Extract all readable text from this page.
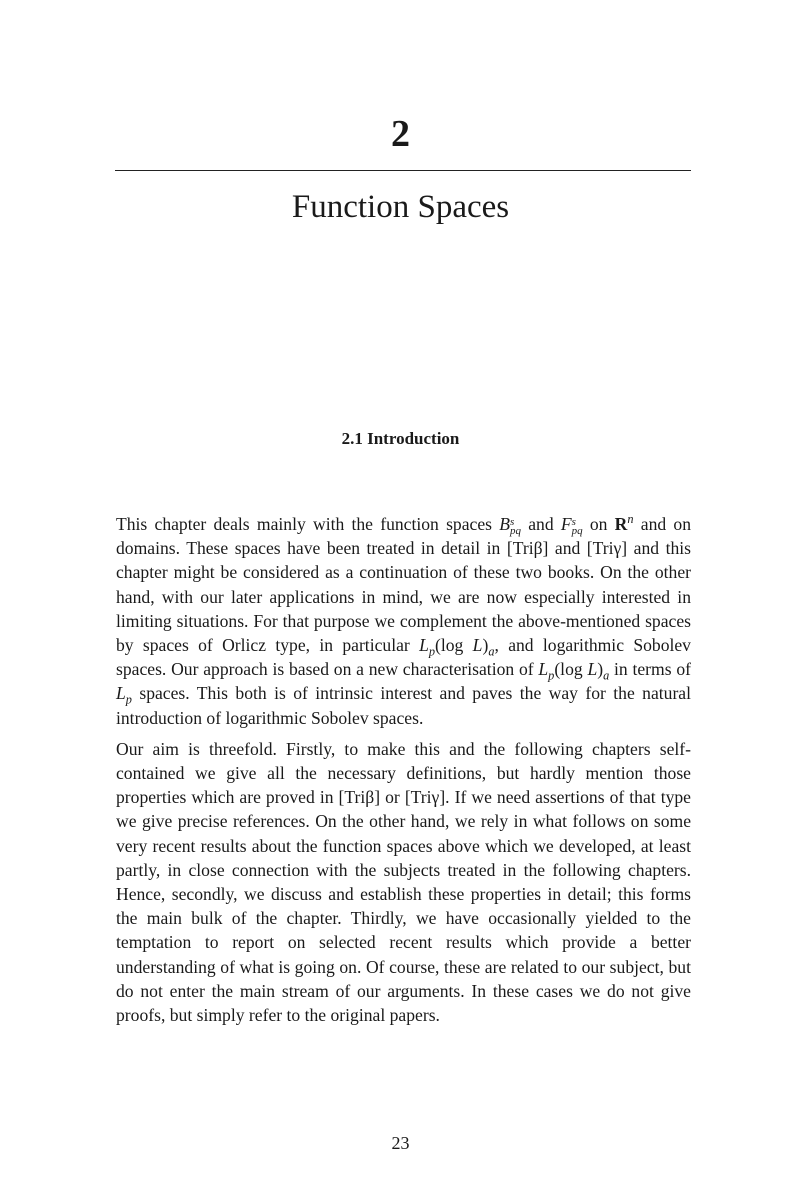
2
Function Spaces
2.1 Introduction

This chapter deals mainly with the function spaces B s
pq and F s
pq on $R^n$ and on domains. These spaces have been treated in detail in [Triβ] and [Triγ] and this chapter might be considered as a continuation of these two books. On the other hand, with our later applications in mind, we are now especially interested in limiting situations. For that purpose we complement the above-mentioned spaces by spaces of Orlicz type, in particular $L_p(\log$ $L)_a$, and logarithmic Sobolev spaces. Our approach is based on a new characterisation of $L_p(\log$ $L)_a$ in terms of $L_p$ spaces. This both is of intrinsic interest and paves the way for the natural introduction of logarithmic Sobolev spaces.

Our aim is threefold. Firstly, to make this and the following chapters self-contained we give all the necessary definitions, but hardly mention those properties which are proved in [Triβ] or [Triγ]. If we need assertions of that type we give precise references. On the other hand, we rely in what follows on some very recent results about the function spaces above which we developed, at least partly, in close connection with the subjects treated in the following chapters. Hence, secondly, we discuss and establish these properties in detail; this forms the main bulk of the chapter. Thirdly, we have occasionally yielded to the temptation to report on selected recent results which provide a better understanding of what is going on. Of course, these are related to our subject, but do not enter the main stream of our arguments. In these cases we do not give proofs, but simply refer to the original papers.

23
